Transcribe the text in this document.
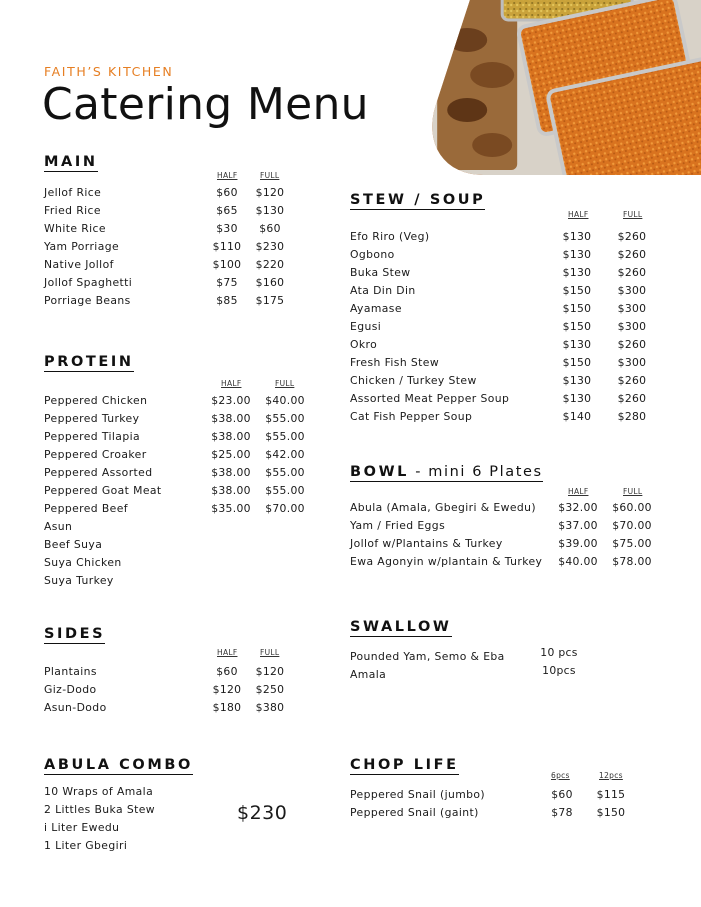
FAITH’S KITCHEN
Catering Menu
MAIN
HALF	FULL
Jellof Rice	$60	$120
Fried Rice	$65	$130
White Rice	$30	$60
Yam Porriage	$110	$230
Native Jollof	$100	$220
Jollof Spaghetti	$75	$160
Porriage Beans	$85	$175
PROTEIN
HALF	FULL
Peppered Chicken	$23.00	$40.00
Peppered Turkey	$38.00	$55.00
Peppered Tilapia	$38.00	$55.00
Peppered Croaker	$25.00	$42.00
Peppered Assorted	$38.00	$55.00
Peppered Goat Meat	$38.00	$55.00
Peppered Beef	$35.00	$70.00
Asun
Beef Suya
Suya Chicken
Suya Turkey
SIDES
HALF	FULL
Plantains	$60	$120
Giz-Dodo	$120	$250
Asun-Dodo	$180	$380
ABULA COMBO
10 Wraps of Amala
2 Littles Buka Stew
i Liter Ewedu
1 Liter Gbegiri
$230
STEW / SOUP
HALF	FULL
Efo Riro (Veg)	$130	$260
Ogbono	$130	$260
Buka Stew	$130	$260
Ata Din Din	$150	$300
Ayamase	$150	$300
Egusi	$150	$300
Okro	$130	$260
Fresh Fish Stew	$150	$300
Chicken / Turkey Stew	$130	$260
Assorted Meat Pepper Soup	$130	$260
Cat Fish Pepper Soup	$140	$280
BOWL - mini 6 Plates
HALF	FULL
Abula (Amala, Gbegiri & Ewedu)	$32.00	$60.00
Yam / Fried Eggs	$37.00	$70.00
Jollof w/Plantains & Turkey	$39.00	$75.00
Ewa Agonyin w/plantain & Turkey	$40.00	$78.00
SWALLOW
Pounded Yam, Semo & Eba	10 pcs
Amala	10pcs
CHOP LIFE
6pcs	12pcs
Peppered Snail (jumbo)	$60	$115
Peppered Snail (gaint)	$78	$150
